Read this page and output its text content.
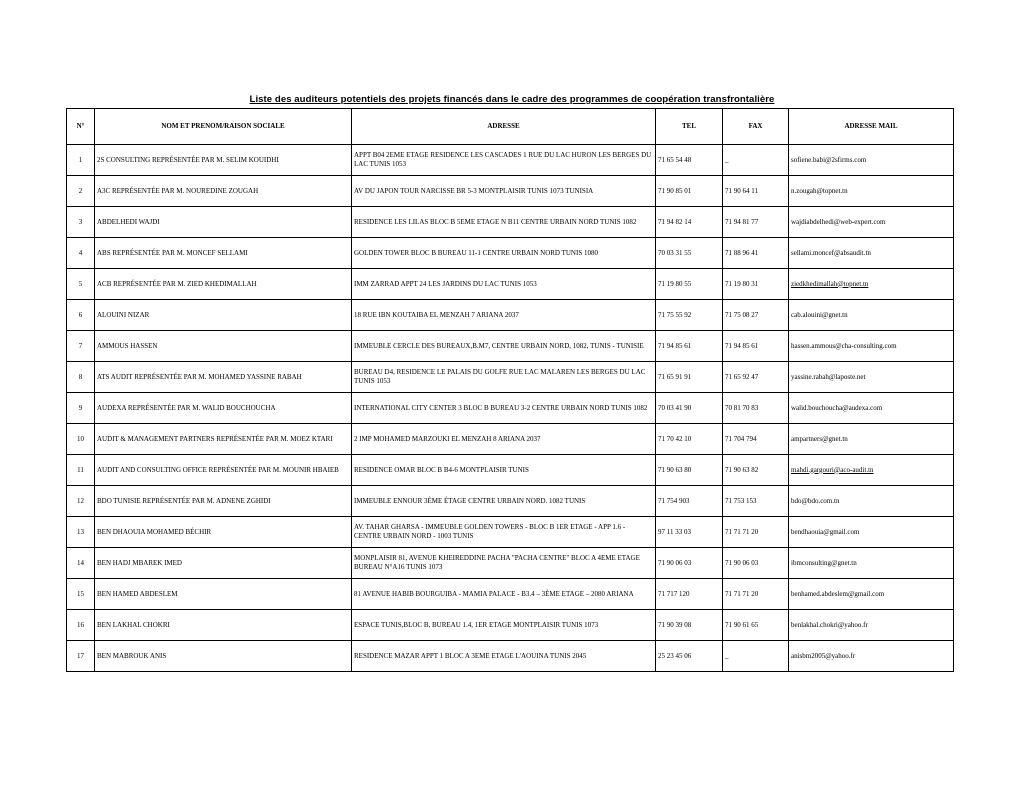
Liste des auditeurs potentiels des projets financés dans le cadre des programmes de coopération transfrontalière
N°	NOM ET PRENOM/RAISON SOCIALE	ADRESSE	TEL	FAX	ADRESSE MAIL
1	2S CONSULTING REPRÉSENTÉE PAR M. SELIM KOUIDHI	APPT B04 2EME ETAGE RESIDENCE LES CASCADES 1 RUE DU LAC HURON LES BERGES DU LAC TUNIS 1053	71 65 54 48	_	sofiene.babi@2sfirms.com
2	A3C REPRÉSENTÉE PAR M. NOUREDINE ZOUGAH	AV DU JAPON TOUR NARCISSE BR 5-3 MONTPLAISIR TUNIS 1073 TUNISIA	71 90 85 01	71 90 64 11	n.zougah@topnet.tn
3	ABDELHEDI WAJDI	RESIDENCE LES LILAS BLOC B 5EME ETAGE N B11 CENTRE URBAIN NORD TUNIS 1082	71 94 82 14	71 94 81 77	wajdiabdelhedi@web-expert.com
4	ABS REPRÉSENTÉE PAR M. MONCEF SELLAMI	GOLDEN TOWER BLOC B BUREAU 11-1 CENTRE URBAIN NORD TUNIS 1080	70 03 31 55	71 88 96 41	sellami.moncef@absaudit.tn
5	ACB REPRÉSENTÉE PAR M. ZIED KHEDIMALLAH	IMM ZARRAD APPT 24 LES JARDINS DU LAC TUNIS 1053	71 19 80 55	71 19 80 31	ziedkhedimallah@topnet.tn
6	ALOUINI NIZAR	18 RUE IBN KOUTAIBA EL MENZAH 7 ARIANA 2037	71 75 55 92	71 75 08 27	cab.alouini@gnet.tn
7	AMMOUS HASSEN	IMMEUBLE CERCLE DES BUREAUX,B.M7, CENTRE URBAIN NORD, 1082, TUNIS - TUNISIE	71 94 85 61	71 94 85 61	hassen.ammous@cha-consulting.com
8	ATS AUDIT REPRÉSENTÉE PAR M. MOHAMED YASSINE RABAH	BUREAU D4, RESIDENCE LE PALAIS DU GOLFE RUE LAC MALAREN LES BERGES DU LAC TUNIS 1053	71 65 91 91	71 65 92 47	yassine.rabah@laposte.net
9	AUDEXA REPRÉSENTÉE PAR M. WALID BOUCHOUCHA	INTERNATIONAL CITY CENTER 3 BLOC B BUREAU 3-2 CENTRE URBAIN NORD TUNIS 1082	70 03 41 90	70 81 70 83	walid.bouchoucha@audexa.com
10	AUDIT & MANAGEMENT PARTNERS REPRÉSENTÉE PAR M. MOEZ KTARI	2 IMP MOHAMED MARZOUKI EL MENZAH 8 ARIANA 2037	71 70 42 10	71 704 794	ampartners@gnet.tn
11	AUDIT AND CONSULTING OFFICE REPRÉSENTÉE PAR M. MOUNIR HBAIEB	RESIDENCE OMAR BLOC B B4-6 MONTPLAISIR TUNIS	71 90 63 80	71 90 63 82	mahdi.gargouri@aco-audit.tn
12	BDO TUNISIE REPRÉSENTÉE PAR M. ADNENE ZGHIDI	IMMEUBLE ENNOUR 3ÈME ÉTAGE CENTRE URBAIN NORD. 1082 TUNIS	71 754 903	71 753 153	bdo@bdo.com.tn
13	BEN DHAOUIA MOHAMED BÉCHIR	AV. TAHAR GHARSA - IMMEUBLE GOLDEN TOWERS - BLOC B 1ER ETAGE - APP 1.6 - CENTRE URBAIN NORD - 1003 TUNIS	97 11 33 03	71 71 71 20	bendhaouia@gmail.com
14	BEN HADJ MBAREK IMED	MONPLAISIR 81, AVENUE KHEIREDDINE PACHA "PACHA CENTRE" BLOC A 4EME ETAGE BUREAU N°A16 TUNIS 1073	71 90 06 03	71 90 06 03	ibmconsulting@gnet.tn
15	BEN HAMED ABDESLEM	81 AVENUE HABIB BOURGUIBA - MAMIA PALACE - B3.4 – 3ÈME ETAGE – 2080 ARIANA	71 717 120	71 71 71 20	benhamed.abdeslem@gmail.com
16	BEN LAKHAL CHOKRI	ESPACE TUNIS,BLOC B, BUREAU 1.4, 1ER ETAGE MONTPLAISIR TUNIS 1073	71 90 39 08	71 90 61 65	benlakhal.chokri@yahoo.fr
17	BEN MABROUK ANIS	RESIDENCE MAZAR APPT 1 BLOC A 3EME ETAGE L'AOUINA TUNIS 2045	25 23 45 06	_	anisbm2005@yahoo.fr
